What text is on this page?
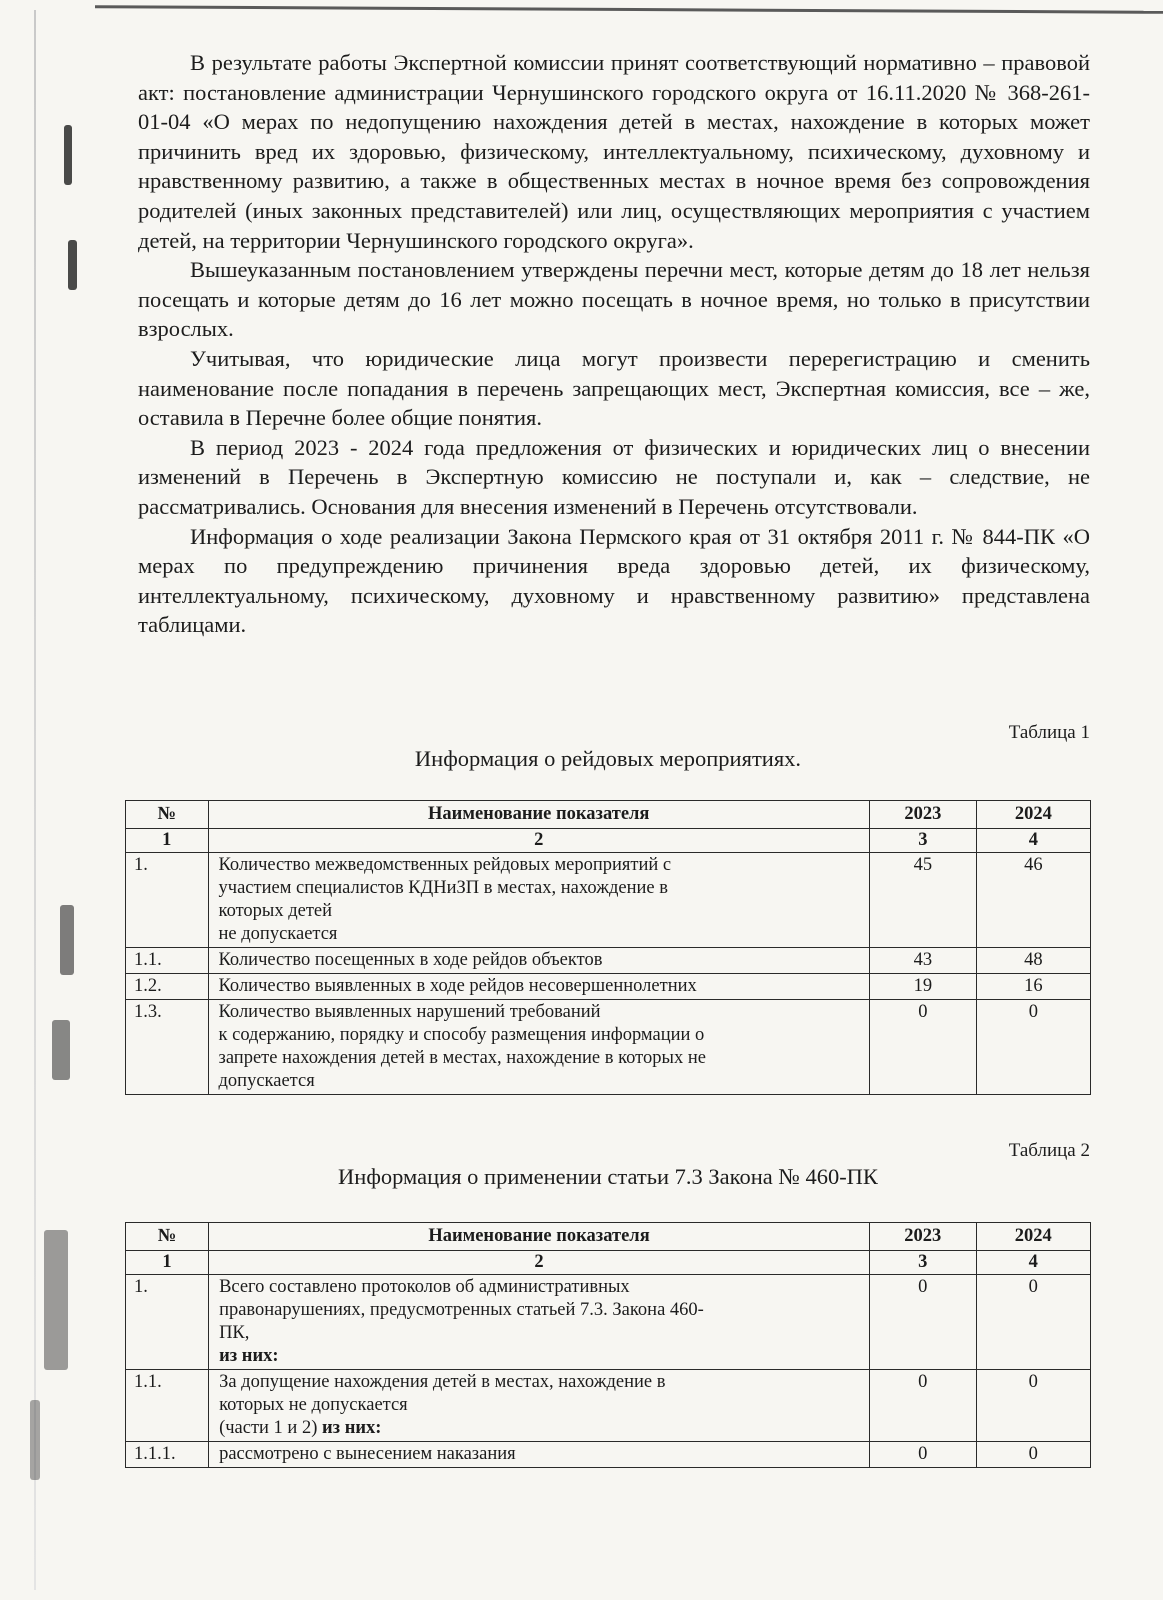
В результате работы Экспертной комиссии принят соответствующий нормативно – правовой акт: постановление администрации Чернушинского городского округа от 16.11.2020 № 368-261-01-04 «О мерах по недопущению нахождения детей в местах, нахождение в которых может причинить вред их здоровью, физическому, интеллектуальному, психическому, духовному и нравственному развитию, а также в общественных местах в ночное время без сопровождения родителей (иных законных представителей) или лиц, осуществляющих мероприятия с участием детей, на территории Чернушинского городского округа».

Вышеуказанным постановлением утверждены перечни мест, которые детям до 18 лет нельзя посещать и которые детям до 16 лет можно посещать в ночное время, но только в присутствии взрослых.

Учитывая, что юридические лица могут произвести перерегистрацию и сменить наименование после попадания в перечень запрещающих мест, Экспертная комиссия, все – же, оставила в Перечне более общие понятия.

В период 2023 - 2024 года предложения от физических и юридических лиц о внесении изменений в Перечень в Экспертную комиссию не поступали и, как – следствие, не рассматривались. Основания для внесения изменений в Перечень отсутствовали.

Информация о ходе реализации Закона Пермского края от 31 октября 2011 г. № 844-ПК «О мерах по предупреждению причинения вреда здоровью детей, их физическому, интеллектуальному, психическому, духовному и нравственному развитию» представлена таблицами.

Таблица 1
Информация о рейдовых мероприятиях.
№	Наименование показателя	2023	2024
1	2	3	4
1.	Количество межведомственных рейдовых мероприятий с
участием специалистов КДНиЗП в местах, нахождение в
которых детей
не допускается	45	46
1.1.	Количество посещенных в ходе рейдов объектов	43	48
1.2.	Количество выявленных в ходе рейдов несовершеннолетних	19	16
1.3.	Количество выявленных нарушений требований
к содержанию, порядку и способу размещения информации о
запрете нахождения детей в местах, нахождение в которых не
допускается	0	0
Таблица 2
Информация о применении статьи 7.3 Закона № 460-ПК
№	Наименование показателя	2023	2024
1	2	3	4
1.	Всего составлено протоколов об административных
правонарушениях, предусмотренных статьей 7.3. Закона 460-
ПК,
из них:	0	0
1.1.	За допущение нахождения детей в местах, нахождение в
которых не допускается
(части 1 и 2) из них:	0	0
1.1.1.	рассмотрено с вынесением наказания	0	0
